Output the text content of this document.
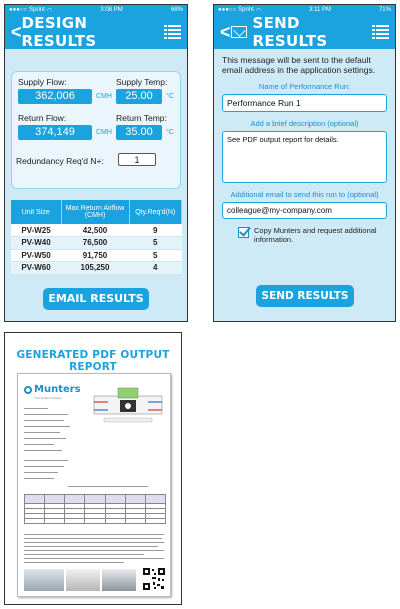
●●●○○ Sprint ◠	3:08 PM	68%
< DESIGN RESULTS
Supply Flow:
362,006	CMH
Supply Temp:
25.00	°C
Return Flow:
374,149	CMH
Return Temp:
35.00	°C
Redundancy Req'd N+:	1
Unit Size	Max Return Airflow (CMH)	Qty.Req'd(N)
PV-W25	42,500	9
PV-W40	76,500	5
PV-W50	91,750	5
PV-W60	105,250	4
EMAIL RESULTS
●●●○○ Sprint ◠	3:11 PM	71%
< SEND RESULTS
This message will be sent to the default email address in the application settings.
Name of Performance Run:
Performance Run 1
Add a brief description (optional)
See PDF output report for details.
Additional email to send this run to (optional)
colleague@my-company.com
Copy Munters and request additional information.
SEND RESULTS
GENERATED PDF OUTPUT REPORT
Munters
Your Perfect Climate
